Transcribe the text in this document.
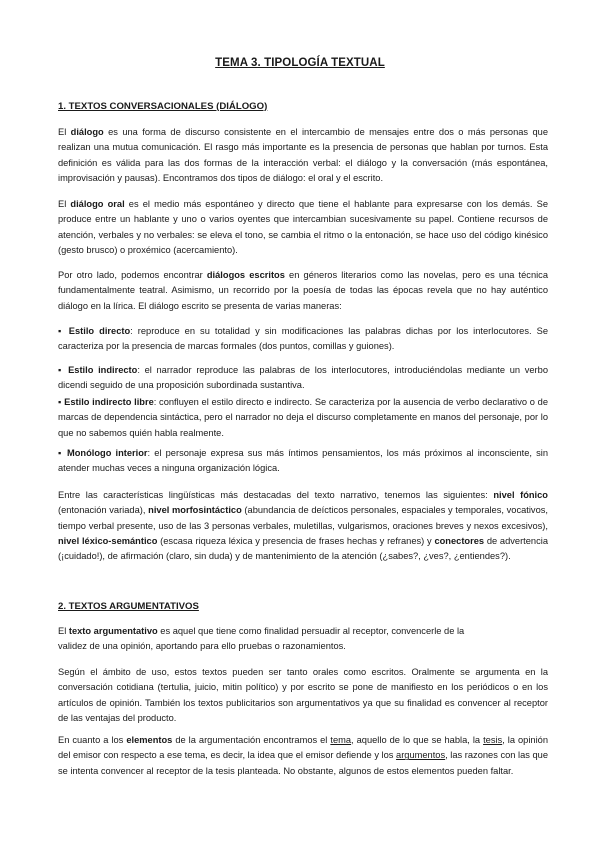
TEMA 3. TIPOLOGÍA TEXTUAL
1. TEXTOS CONVERSACIONALES (DIÁLOGO)

El diálogo es una forma de discurso consistente en el intercambio de mensajes entre dos o más personas que realizan una mutua comunicación. El rasgo más importante es la presencia de personas que hablan por turnos. Esta definición es válida para las dos formas de la interacción verbal: el diálogo y la conversación (más espontánea, improvisación y pausas). Encontramos dos tipos de diálogo: el oral y el escrito.

El diálogo oral es el medio más espontáneo y directo que tiene el hablante para expresarse con los demás. Se produce entre un hablante y uno o varios oyentes que intercambian sucesivamente su papel. Contiene recursos de atención, verbales y no verbales: se eleva el tono, se cambia el ritmo o la entonación, se hace uso del código kinésico (gesto brusco) o proxémico (acercamiento).

Por otro lado, podemos encontrar diálogos escritos en géneros literarios como las novelas, pero es una técnica fundamentalmente teatral. Asimismo, un recorrido por la poesía de todas las épocas revela que no hay auténtico diálogo en la lírica. El diálogo escrito se presenta de varias maneras:

▪ Estilo directo: reproduce en su totalidad y sin modificaciones las palabras dichas por los interlocutores. Se caracteriza por la presencia de marcas formales (dos puntos, comillas y guiones).

▪ Estilo indirecto: el narrador reproduce las palabras de los interlocutores, introduciéndolas mediante un verbo dicendi seguido de una proposición subordinada sustantiva.

▪ Estilo indirecto libre: confluyen el estilo directo e indirecto. Se caracteriza por la ausencia de verbo declarativo o de marcas de dependencia sintáctica, pero el narrador no deja el discurso completamente en manos del personaje, por lo que no sabemos quién habla realmente.

▪ Monólogo interior: el personaje expresa sus más íntimos pensamientos, los más próximos al inconsciente, sin atender muchas veces a ninguna organización lógica.

Entre las características lingüísticas más destacadas del texto narrativo, tenemos las siguientes: nivel fónico (entonación variada), nivel morfosintáctico (abundancia de deícticos personales, espaciales y temporales, vocativos, tiempo verbal presente, uso de las 3 personas verbales, muletillas, vulgarismos, oraciones breves y nexos excesivos), nivel léxico-semántico (escasa riqueza léxica y presencia de frases hechas y refranes) y conectores de advertencia (¡cuidado!), de afirmación (claro, sin duda) y de mantenimiento de la atención (¿sabes?, ¿ves?, ¿entiendes?).

2. TEXTOS ARGUMENTATIVOS

El texto argumentativo es aquel que tiene como finalidad persuadir al receptor, convencerle de la
validez de una opinión, aportando para ello pruebas o razonamientos.

Según el ámbito de uso, estos textos pueden ser tanto orales como escritos. Oralmente se argumenta en la conversación cotidiana (tertulia, juicio, mitin político) y por escrito se pone de manifiesto en los periódicos o en los artículos de opinión. También los textos publicitarios son argumentativos ya que su finalidad es convencer al receptor de las ventajas del producto.

En cuanto a los elementos de la argumentación encontramos el tema, aquello de lo que se habla, la tesis, la opinión del emisor con respecto a ese tema, es decir, la idea que el emisor defiende y los argumentos, las razones con las que se intenta convencer al receptor de la tesis planteada. No obstante, algunos de estos elementos pueden faltar.
